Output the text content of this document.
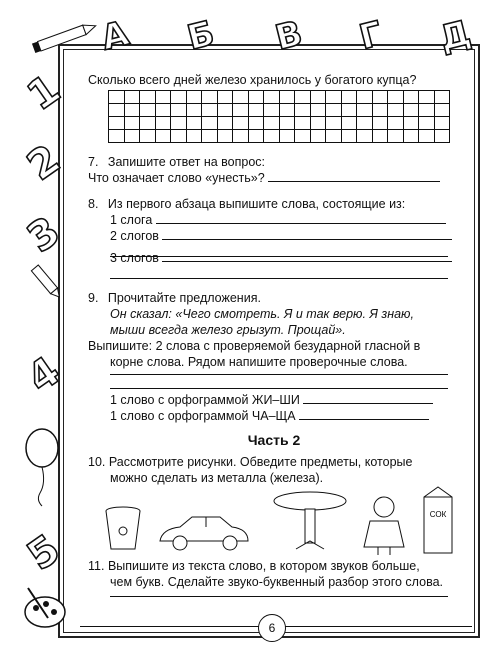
А Б В Г Д
1
2
3
4
5
Сколько всего дней железо хранилось у богатого купца?

7. Запишите ответ на вопрос:
Что означает слово «унесть»?
8. Из первого абзаца выпишите слова, состоящие из:
1 слога
2 слогов
3 слогов
9. Прочитайте предложения.
Он сказал: «Чего смотреть. Я и так верю. Я знаю,
мыши всегда железо грызут. Прощай».
Выпишите: 2 слова с проверяемой безударной гласной в
корне слова. Рядом напишите проверочные слова.
1 слово с орфограммой ЖИ–ШИ
1 слово с орфограммой ЧА–ЩА
Часть 2
10. Рассмотрите рисунки. Обведите предметы, которые
можно сделать из металла (железа).
СОК
11. Выпишите из текста слово, в котором звуков больше,
чем букв. Сделайте звуко-буквенный разбор этого слова.
6
